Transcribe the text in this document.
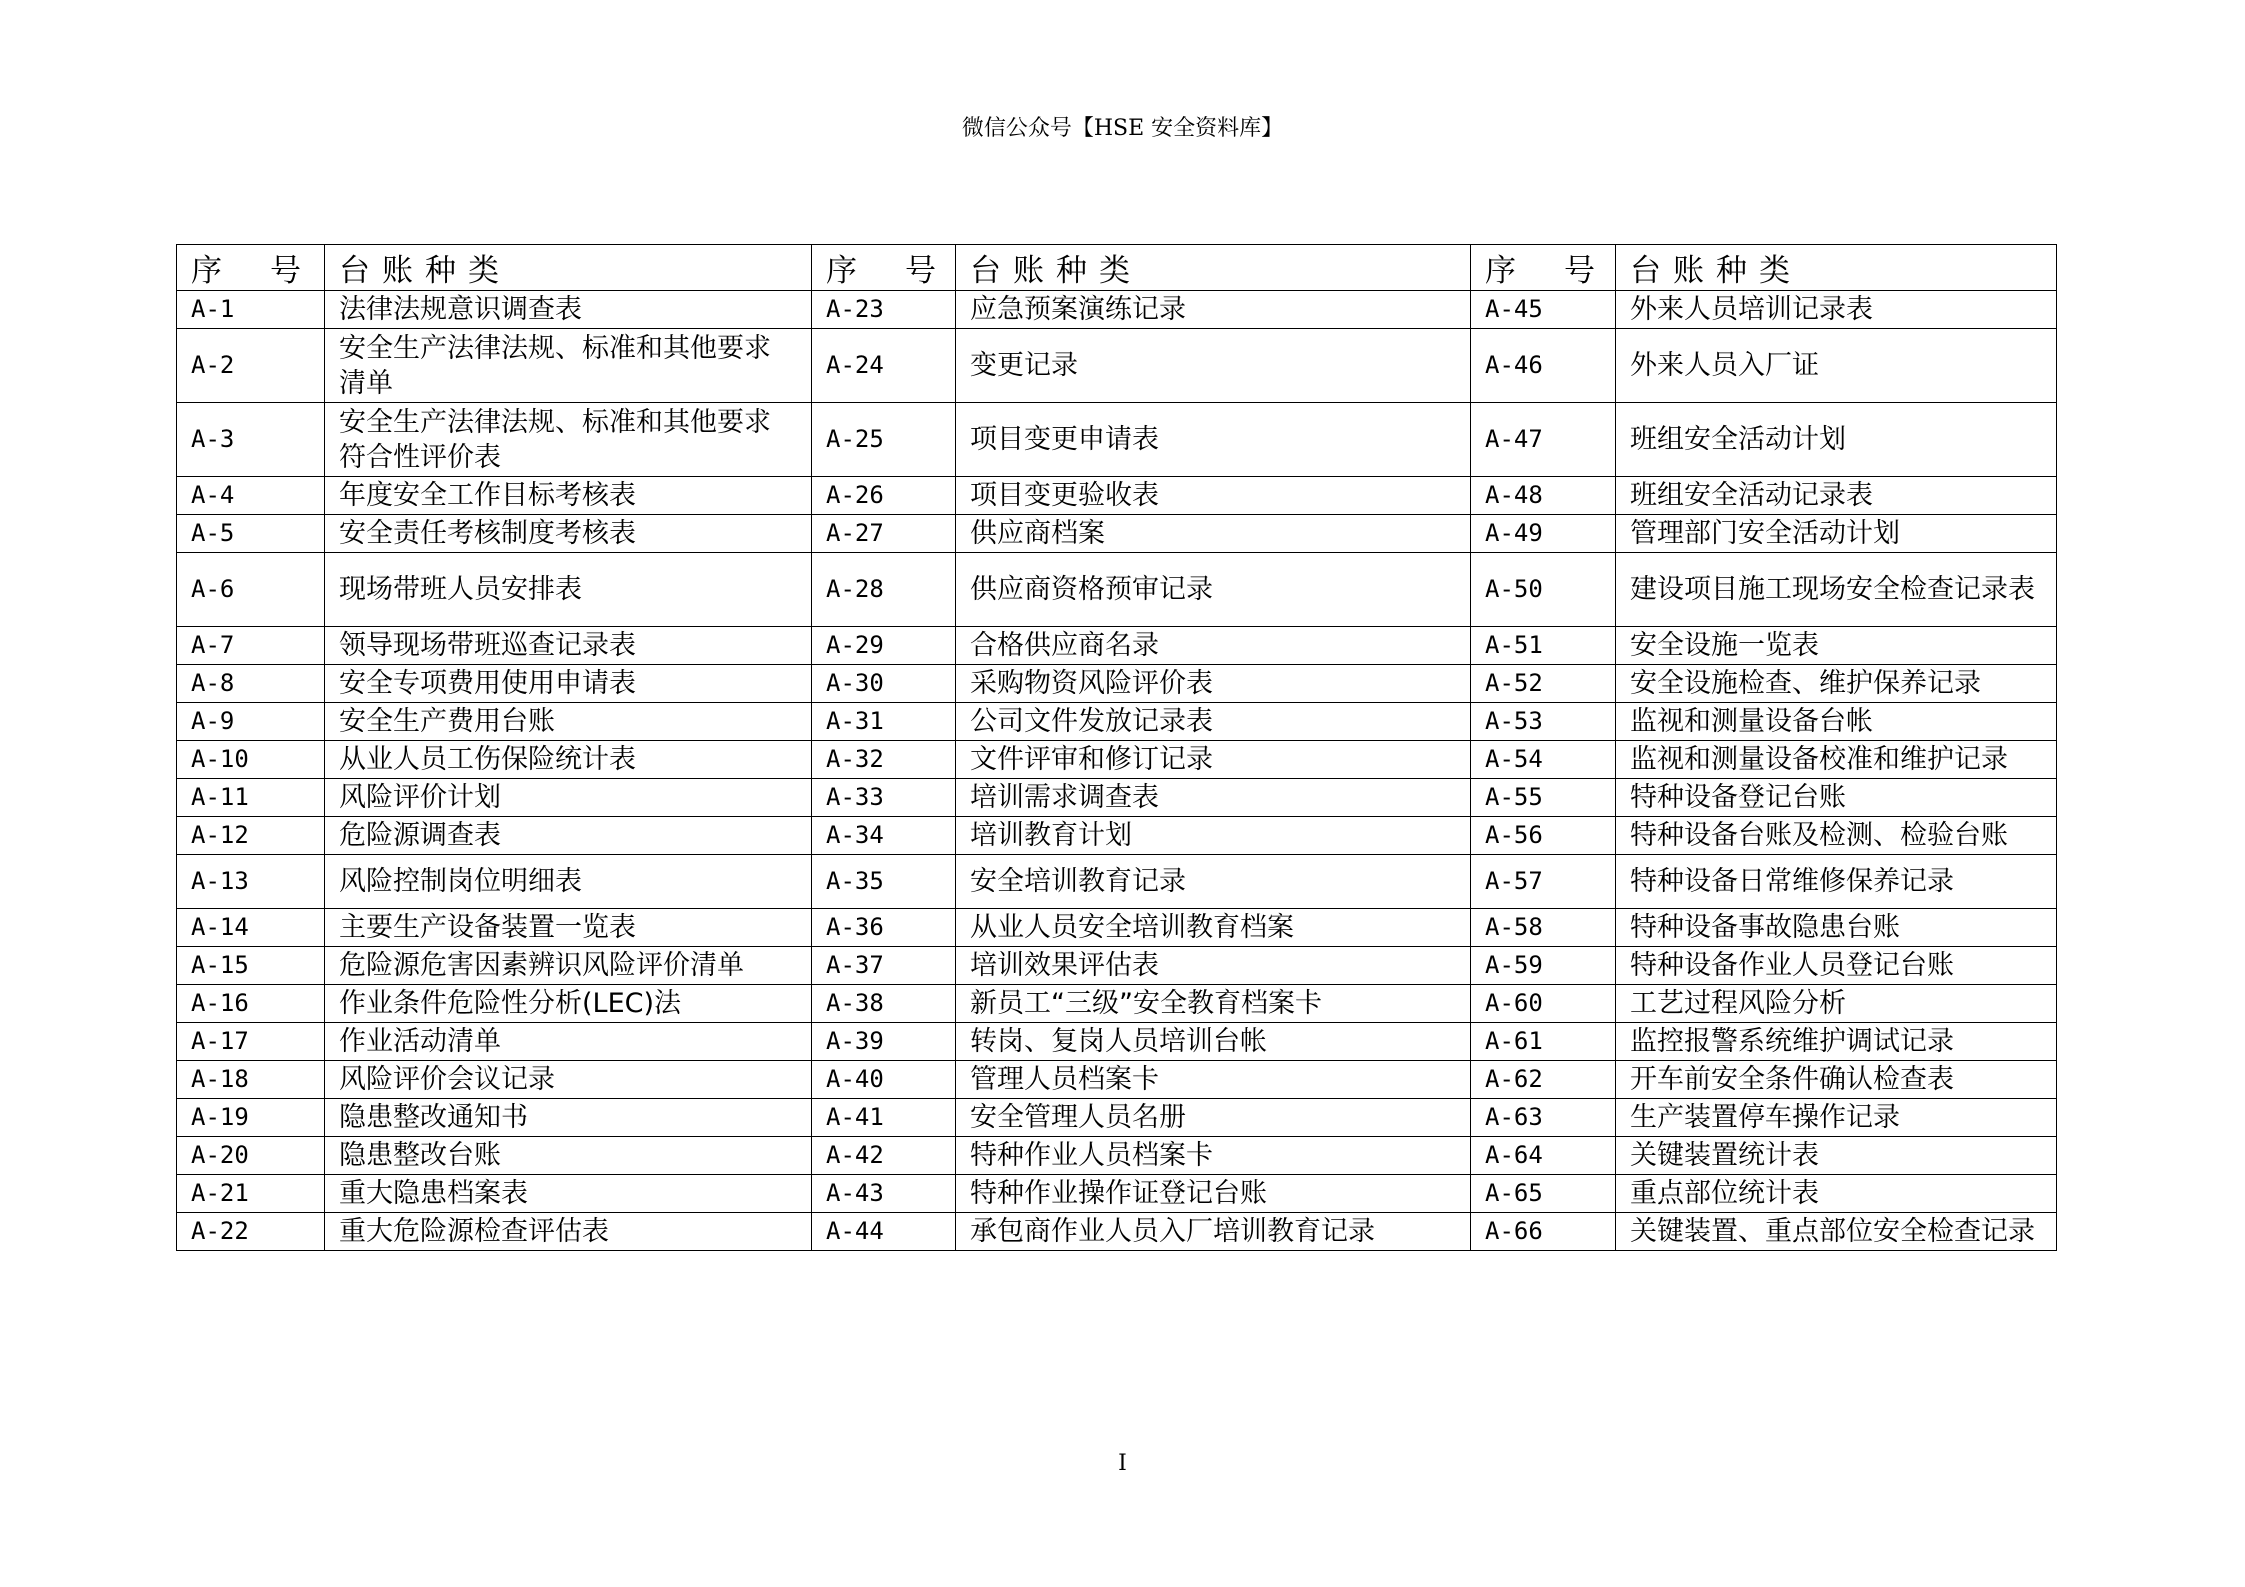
微信公众号【HSE 安全资料库】
序 号	台账种类	序 号	台账种类	序 号	台账种类
A-1	法律法规意识调查表	A-23	应急预案演练记录	A-45	外来人员培训记录表
A-2	安全生产法律法规、标准和其他要求清单	A-24	变更记录	A-46	外来人员入厂证
A-3	安全生产法律法规、标准和其他要求符合性评价表	A-25	项目变更申请表	A-47	班组安全活动计划
A-4	年度安全工作目标考核表	A-26	项目变更验收表	A-48	班组安全活动记录表
A-5	安全责任考核制度考核表	A-27	供应商档案	A-49	管理部门安全活动计划
A-6	现场带班人员安排表	A-28	供应商资格预审记录	A-50	建设项目施工现场安全检查记录表
A-7	领导现场带班巡查记录表	A-29	合格供应商名录	A-51	安全设施一览表
A-8	安全专项费用使用申请表	A-30	采购物资风险评价表	A-52	安全设施检查、维护保养记录
A-9	安全生产费用台账	A-31	公司文件发放记录表	A-53	监视和测量设备台帐
A-10	从业人员工伤保险统计表	A-32	文件评审和修订记录	A-54	监视和测量设备校准和维护记录
A-11	风险评价计划	A-33	培训需求调查表	A-55	特种设备登记台账
A-12	危险源调查表	A-34	培训教育计划	A-56	特种设备台账及检测、检验台账
A-13	风险控制岗位明细表	A-35	安全培训教育记录	A-57	特种设备日常维修保养记录
A-14	主要生产设备装置一览表	A-36	从业人员安全培训教育档案	A-58	特种设备事故隐患台账
A-15	危险源危害因素辨识风险评价清单	A-37	培训效果评估表	A-59	特种设备作业人员登记台账
A-16	作业条件危险性分析(LEC)法	A-38	新员工“三级”安全教育档案卡	A-60	工艺过程风险分析
A-17	作业活动清单	A-39	转岗、复岗人员培训台帐	A-61	监控报警系统维护调试记录
A-18	风险评价会议记录	A-40	管理人员档案卡	A-62	开车前安全条件确认检查表
A-19	隐患整改通知书	A-41	安全管理人员名册	A-63	生产装置停车操作记录
A-20	隐患整改台账	A-42	特种作业人员档案卡	A-64	关键装置统计表
A-21	重大隐患档案表	A-43	特种作业操作证登记台账	A-65	重点部位统计表
A-22	重大危险源检查评估表	A-44	承包商作业人员入厂培训教育记录	A-66	关键装置、重点部位安全检查记录
I
